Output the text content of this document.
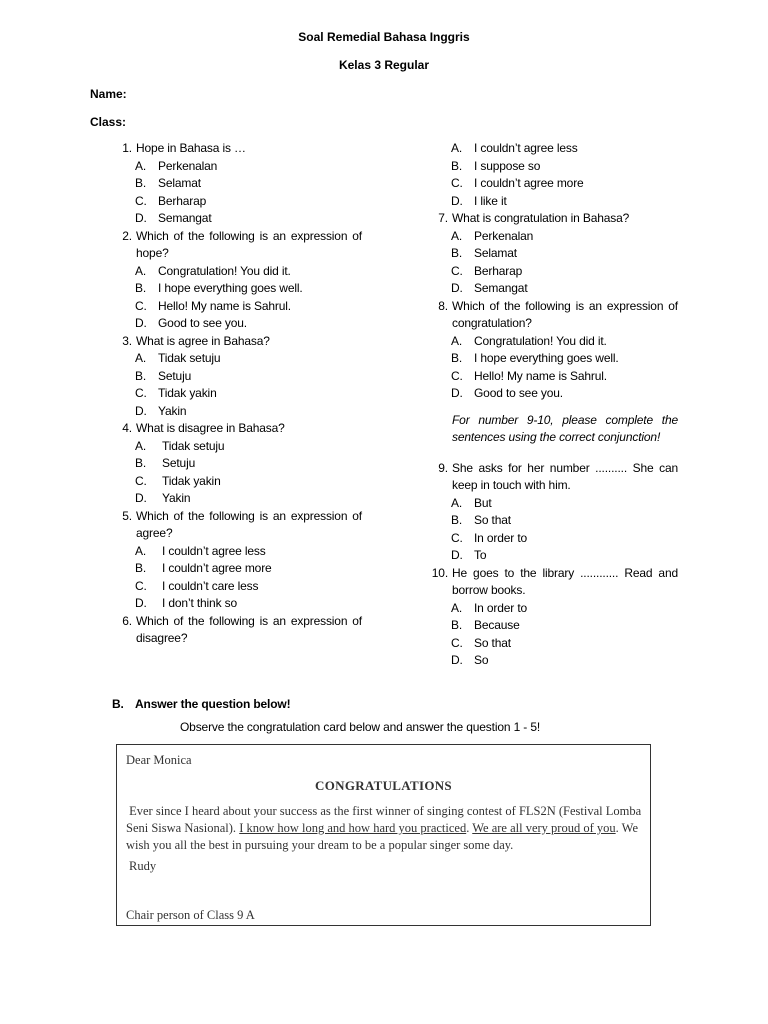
Soal Remedial Bahasa Inggris
Kelas 3 Regular
Name:
Class:
1. Hope in Bahasa is …
A. Perkenalan
B. Selamat
C. Berharap
D. Semangat
2. Which of the following is an expression of hope?
A. Congratulation! You did it.
B. I hope everything goes well.
C. Hello! My name is Sahrul.
D. Good to see you.
3. What is agree in Bahasa?
A. Tidak setuju
B. Setuju
C. Tidak yakin
D. Yakin
4. What is disagree in Bahasa?
A. Tidak setuju
B. Setuju
C. Tidak yakin
D. Yakin
5. Which of the following is an expression of agree?
A. I couldn’t agree less
B. I couldn’t agree more
C. I couldn’t care less
D. I don’t think so
6. Which of the following is an expression of disagree?
A. I couldn’t agree less
B. I suppose so
C. I couldn’t agree more
D. I like it
7. What is congratulation in Bahasa?
A. Perkenalan
B. Selamat
C. Berharap
D. Semangat
8. Which of the following is an expression of congratulation?
A. Congratulation! You did it.
B. I hope everything goes well.
C. Hello! My name is Sahrul.
D. Good to see you.
For number 9-10, please complete the sentences using the correct conjunction!
9. She asks for her number .......... She can keep in touch with him.
A. But
B. So that
C. In order to
D. To
10. He goes to the library ............ Read and borrow books.
A. In order to
B. Because
C. So that
D. So
B. Answer the question below!
Observe the congratulation card below and answer the question 1 - 5!
Dear Monica
CONGRATULATIONS
Ever since I heard about your success as the first winner of singing contest of FLS2N (Festival Lomba Seni Siswa Nasional). I know how long and how hard you practiced. We are all very proud of you. We wish you all the best in pursuing your dream to be a popular singer some day.
Rudy
Chair person of Class 9 A
